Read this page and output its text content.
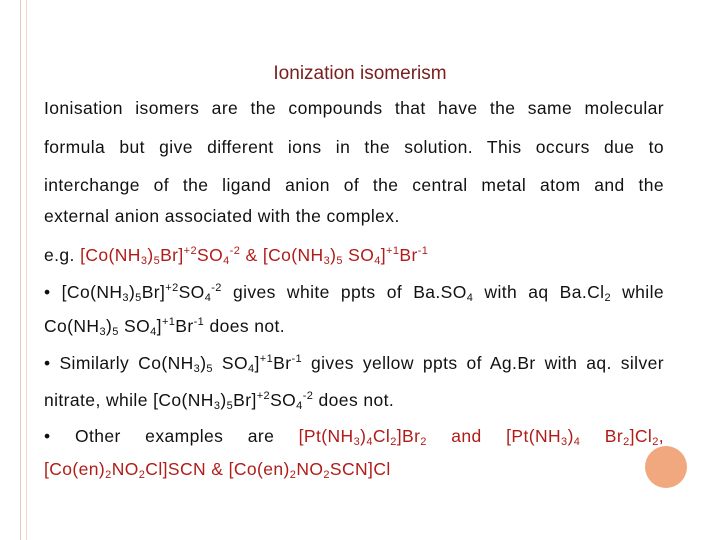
Ionization isomerism
Ionisation isomers are the compounds that have the same molecular
formula but give different ions in the solution. This occurs due to
interchange of the ligand anion of the central metal atom and the
external anion associated with the complex.
e.g. $[Co(NH_3)_5Br]^{+2}SO_4^{-2}$ & [$Co(NH_3)_5$ $SO_4]^{+1}Br^{-1}$
• $[Co(NH_3)_5Br]^{+2}SO_4^{-2}$ gives white ppts of $Ba.SO_4$ with aq $Ba.Cl_2$ while
$Co(NH_3)_5$ $SO_4]^{+1}Br^{-1}$ does not.
• Similarly $Co(NH_3)_5$ $SO_4]^{+1}Br^{-1}$ gives yellow ppts of Ag.Br with aq. silver
nitrate, while $[Co(NH_3)_5Br]^{+2}SO_4^{-2}$ does not.
• Other examples are $[Pt(NH_3)_4Cl_2]Br_2$ and [$Pt(NH_3)_4$ $Br_2]Cl_2$,
$[Co(en)_2NO_2Cl]SCN$ & $[Co(en)_2NO_2SCN]Cl$
